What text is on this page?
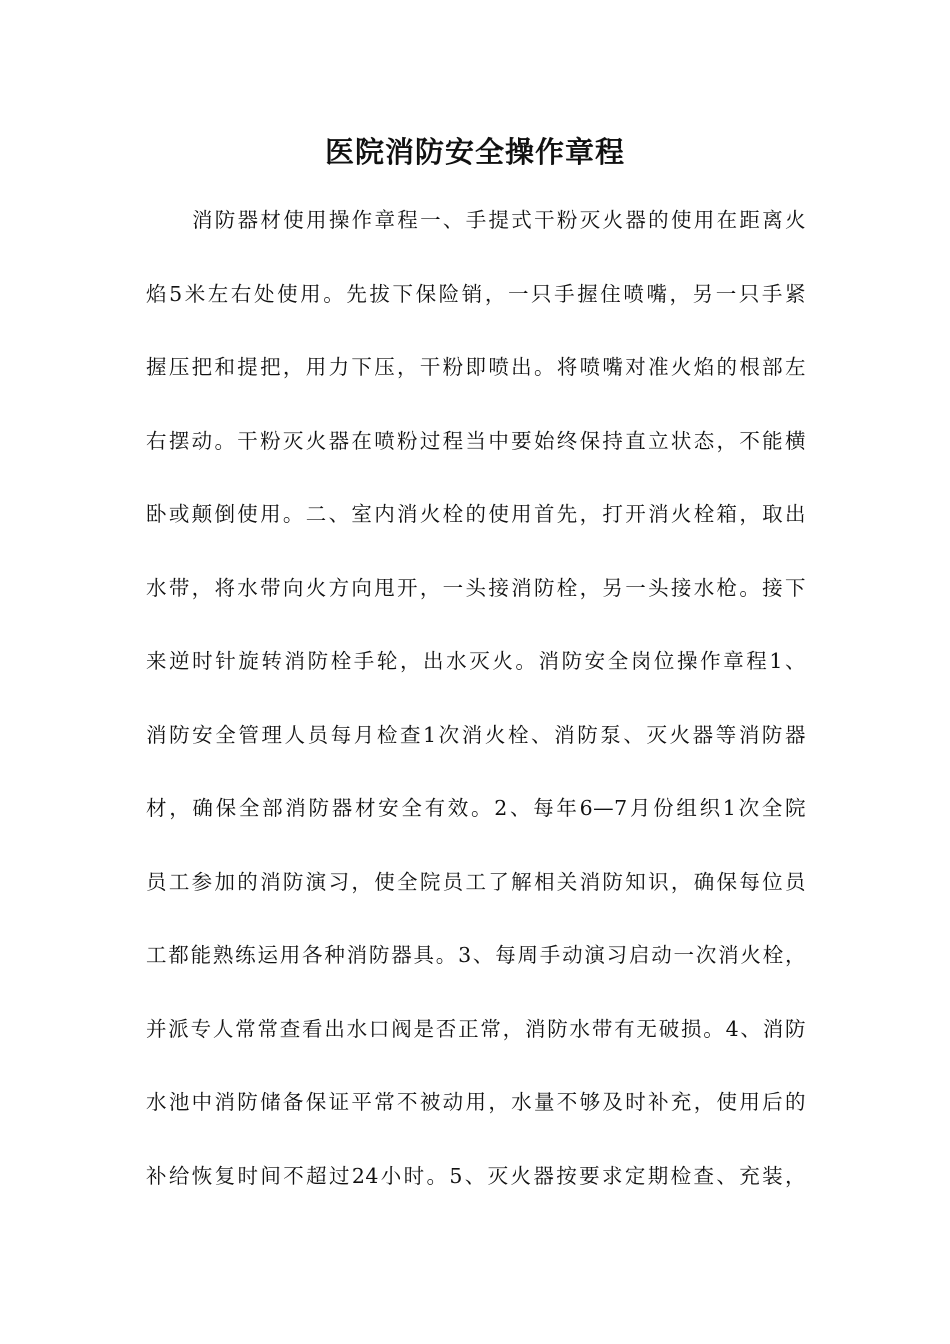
医院消防安全操作章程
消防器材使用操作章程一、手提式干粉灭火器的使用在距离火
焰5米左右处使用。先拔下保险销，一只手握住喷嘴，另一只手紧
握压把和提把，用力下压，干粉即喷出。将喷嘴对准火焰的根部左
右摆动。干粉灭火器在喷粉过程当中要始终保持直立状态，不能横
卧或颠倒使用。二、室内消火栓的使用首先，打开消火栓箱，取出
水带，将水带向火方向甩开，一头接消防栓，另一头接水枪。接下
来逆时针旋转消防栓手轮，出水灭火。消防安全岗位操作章程1、
消防安全管理人员每月检查1次消火栓、消防泵、灭火器等消防器
材，确保全部消防器材安全有效。2、每年6—7月份组织1次全院
员工参加的消防演习，使全院员工了解相关消防知识，确保每位员
工都能熟练运用各种消防器具。3、每周手动演习启动一次消火栓，
并派专人常常查看出水口阀是否正常，消防水带有无破损。4、消防
水池中消防储备保证平常不被动用，水量不够及时补充，使用后的
补给恢复时间不超过24小时。5、灭火器按要求定期检查、充装，
